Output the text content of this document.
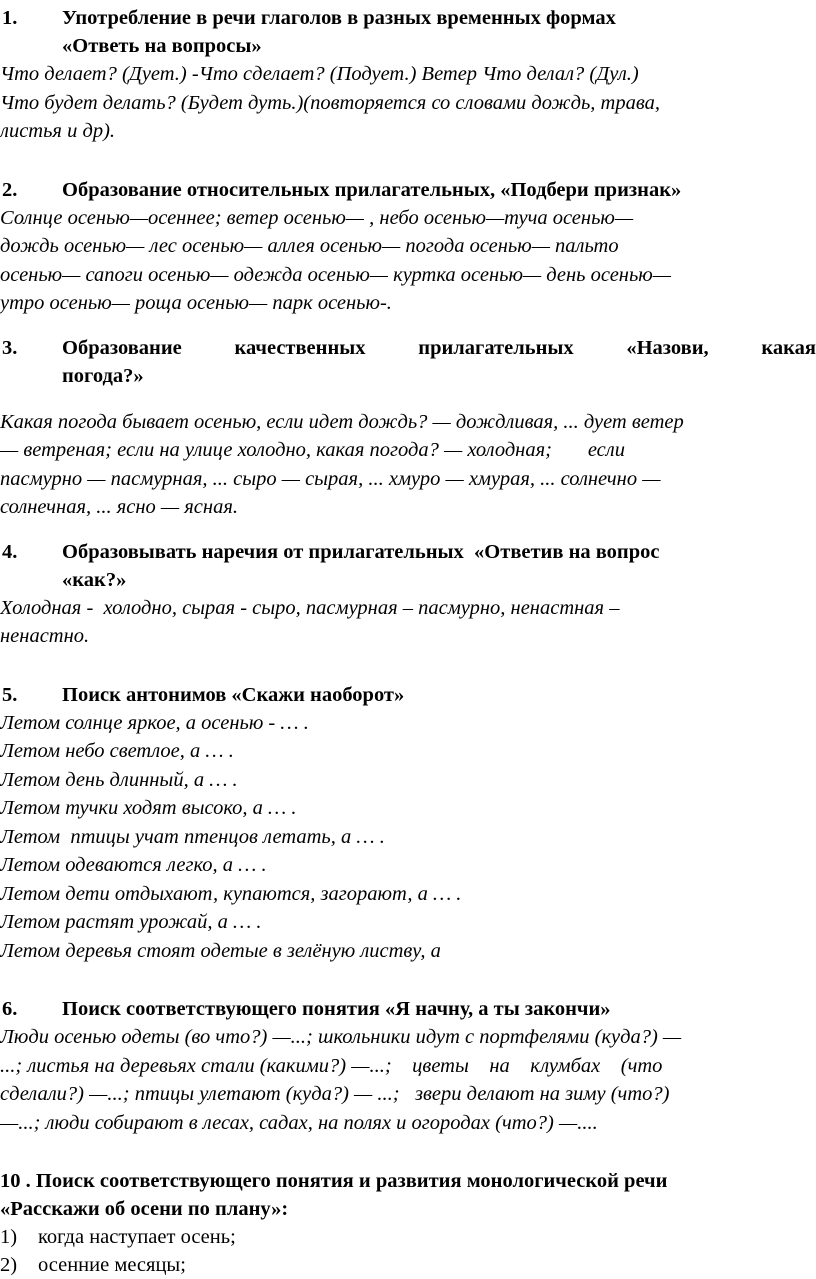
1. Употребление в речи глаголов в разных временных формах
«Ответь на вопросы»

Что делает? (Дует.) -Что сделает? (Подует.) Ветер Что делал? (Дул.)
Что будет делать? (Будет дуть.)(повторяется со словами дождь, трава,
листья и др).

2. Образование относительных прилагательных, «Подбери признак»

Солнце осенью—осеннее; ветер осенью— , небо осенью—туча осенью—
дождь осенью— лес осенью— аллея осенью— погода осенью— пальто
осенью— сапоги осенью— одежда осенью— куртка осенью— день осенью—
утро осенью— роща осенью— парк осенью-.

3. Образование качественных прилагательных «Назови, какая

погода?»

Какая погода бывает осенью, если идет дождь? — дождливая, ... дует ветер
— ветреная; если на улице холодно, какая погода? — холодная;       если
пасмурно — пасмурная, ... сыро — сырая, ... хмуро — хмурая, ... солнечно —
солнечная, ... ясно — ясная.

4. Образовывать наречия от прилагательных  «Ответив на вопрос
«как?»

Холодная -  холодно, сырая - сыро, пасмурная – пасмурно, ненастная –
ненастно.

5. Поиск антонимов «Скажи наоборот»

Летом солнце яркое, а осенью - … .
Летом небо светлое, а … .
Летом день длинный, а … .
Летом тучки ходят высоко, а … .
Летом  птицы учат птенцов летать, а … .
Летом одеваются легко, а … .
Летом дети отдыхают, купаются, загорают, а … .
Летом растят урожай, а … .
Летом деревья стоят одетые в зелёную листву, а

6. Поиск соответствующего понятия «Я начну, а ты закончи»

Люди осенью одеты (во что?) —...; школьники идут с портфелями (куда?) —
...; листья на деревьях стали (какими?) —...;    цветы    на    клумбах    (что
сделали?) —...; птицы улетают (куда?) — ...;   звери делают на зиму (что?)
—...; люди собирают в лесах, садах, на полях и огородах (что?) —....

10 . Поиск соответствующего понятия и развития монологической речи
«Расскажи об осени по плану»:

1) когда наступает осень;

2) осенние месяцы;
